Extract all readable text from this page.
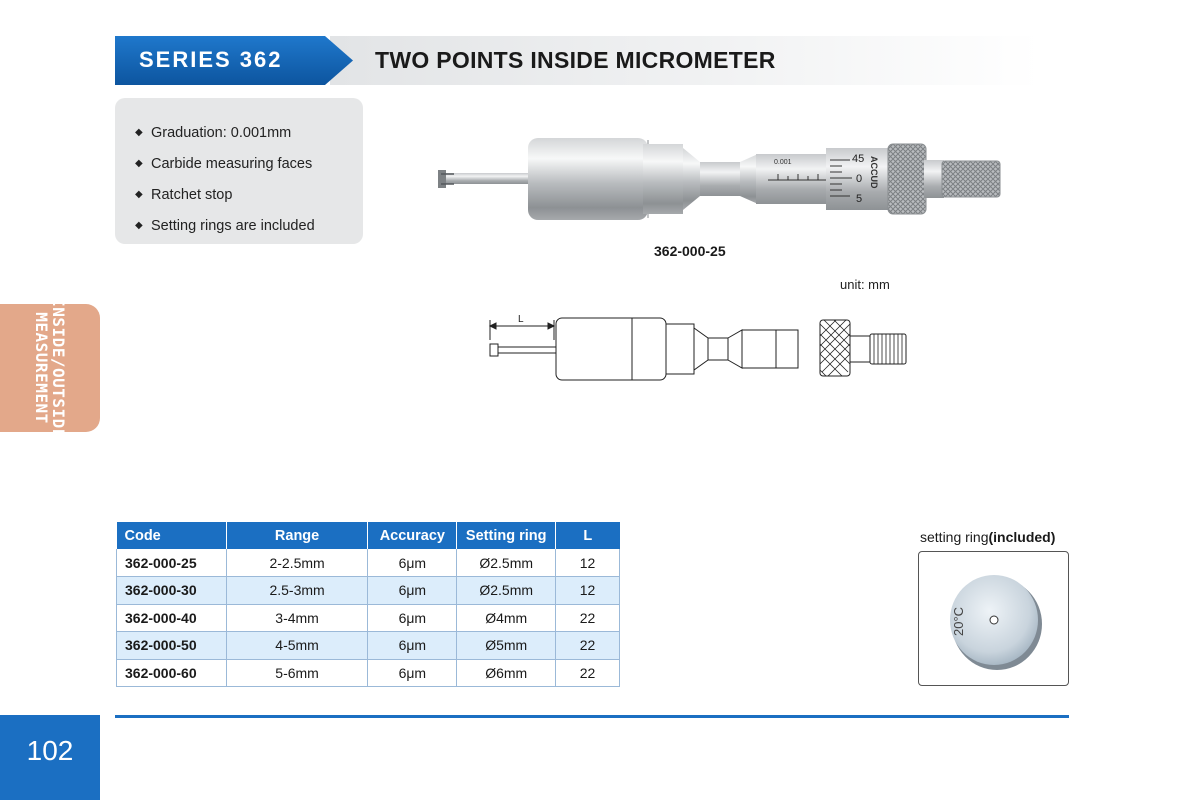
SERIES 362	TWO POINTS INSIDE MICROMETER
◆ Graduation: 0.001mm
◆ Carbide measuring faces
◆ Ratchet stop
◆ Setting rings are included
INSIDE/OUTSIDE
MEASUREMENT
0.001	45
0
5
ACCUD
362-000-25
unit: mm
L
Code	Range	Accuracy	Setting ring	L
362-000-25	2-2.5mm	6μm	Ø2.5mm	12
362-000-30	2.5-3mm	6μm	Ø2.5mm	12
362-000-40	3-4mm	6μm	Ø4mm	22
362-000-50	4-5mm	6μm	Ø5mm	22
362-000-60	5-6mm	6μm	Ø6mm	22
setting ring(included)
20°C
102
